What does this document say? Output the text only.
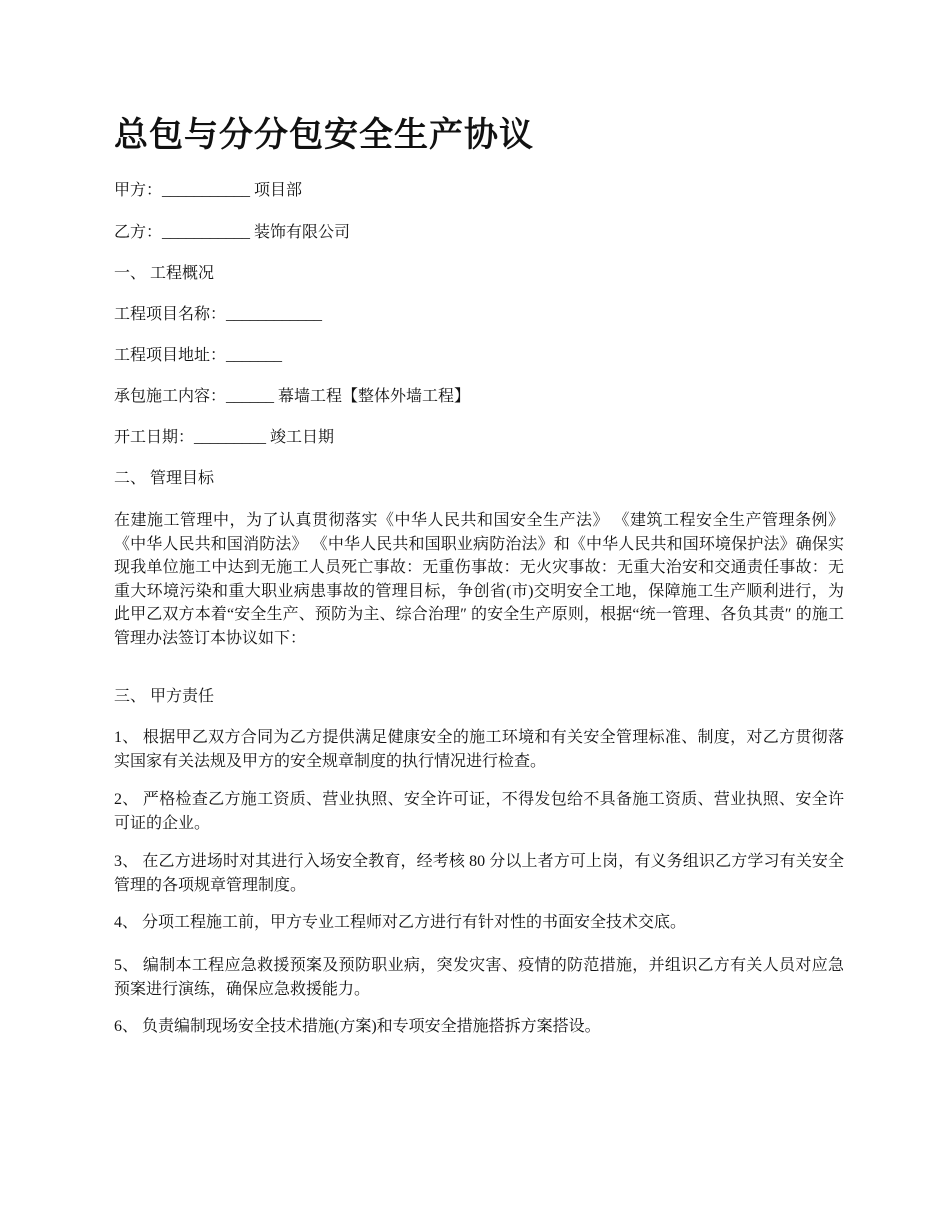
总包与分分包安全生产协议

甲方：___________ 项目部

乙方：___________ 装饰有限公司

一、 工程概况

工程项目名称：____________

工程项目地址：_______

承包施工内容：______ 幕墙工程【整体外墙工程】

开工日期：_________ 竣工日期

二、 管理目标

在建施工管理中，为了认真贯彻落实《中华人民共和国安全生产法》 《建筑工程安全生产管理条例》 《中华人民共和国消防法》 《中华人民共和国职业病防治法》和《中华人民共和国环境保护法》确保实现我单位施工中达到无施工人员死亡事故：无重伤事故：无火灾事故：无重大治安和交通责任事故：无重大环境污染和重大职业病患事故的管理目标，争创省(市)交明安全工地，保障施工生产顺利进行，为此甲乙双方本着“安全生产、预防为主、综合治理″ 的安全生产原则，根据“统一管理、各负其责″ 的施工管理办法签订本协议如下：

三、 甲方责任

1、 根据甲乙双方合同为乙方提供满足健康安全的施工环境和有关安全管理标准、制度，对乙方贯彻落实国家有关法规及甲方的安全规章制度的执行情况进行检查。

2、 严格检查乙方施工资质、营业执照、安全许可证，不得发包给不具备施工资质、营业执照、安全许可证的企业。

3、 在乙方进场时对其进行入场安全教育，经考核 80 分以上者方可上岗，有义务组识乙方学习有关安全管理的各项规章管理制度。

4、 分项工程施工前，甲方专业工程师对乙方进行有针对性的书面安全技术交底。

5、 编制本工程应急救援预案及预防职业病，突发灾害、疫情的防范措施，并组识乙方有关人员对应急预案进行演练，确保应急救援能力。

6、 负责编制现场安全技术措施(方案)和专项安全措施搭拆方案搭设。
